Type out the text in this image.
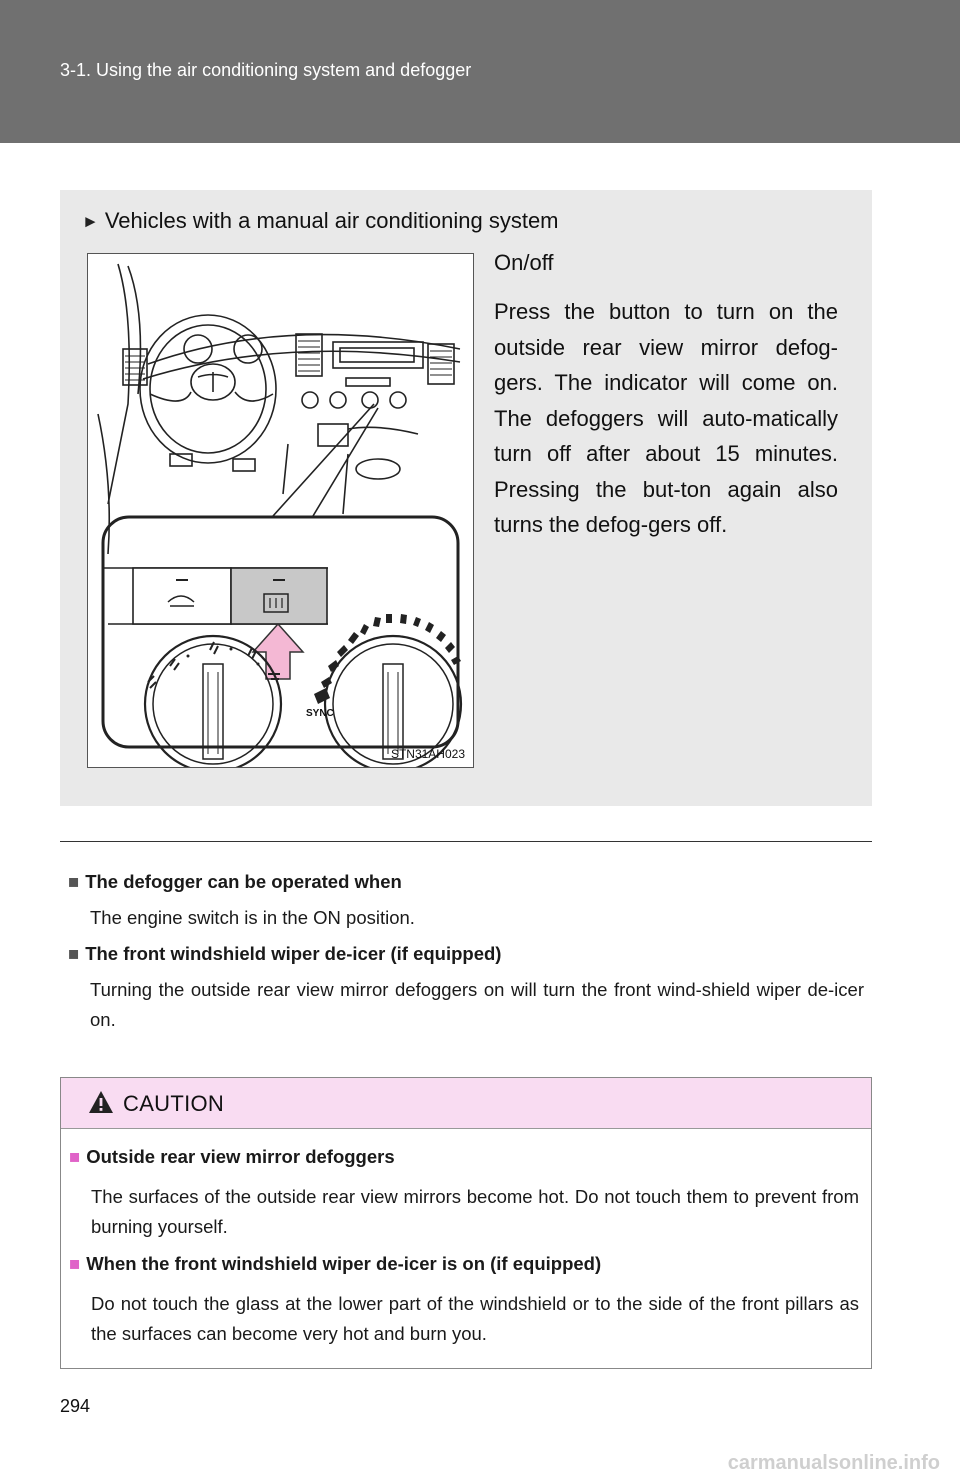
3-1. Using the air conditioning system and defogger
► Vehicles with a manual air conditioning system
SYNC
STN31AH023
On/off
Press the button to turn on the outside rear view mirror defog-gers. The indicator will come on. The defoggers will auto-matically turn off after about 15 minutes. Pressing the but-ton again also turns the defog-gers off.
■ The defogger can be operated when
The engine switch is in the ON position.
■ The front windshield wiper de-icer (if equipped)
Turning the outside rear view mirror defoggers on will turn the front wind-shield wiper de-icer on.
CAUTION
■ Outside rear view mirror defoggers
The surfaces of the outside rear view mirrors become hot. Do not touch them to prevent from burning yourself.
■ When the front windshield wiper de-icer is on (if equipped)
Do not touch the glass at the lower part of the windshield or to the side of the front pillars as the surfaces can become very hot and burn you.
294
carmanualsonline.info
